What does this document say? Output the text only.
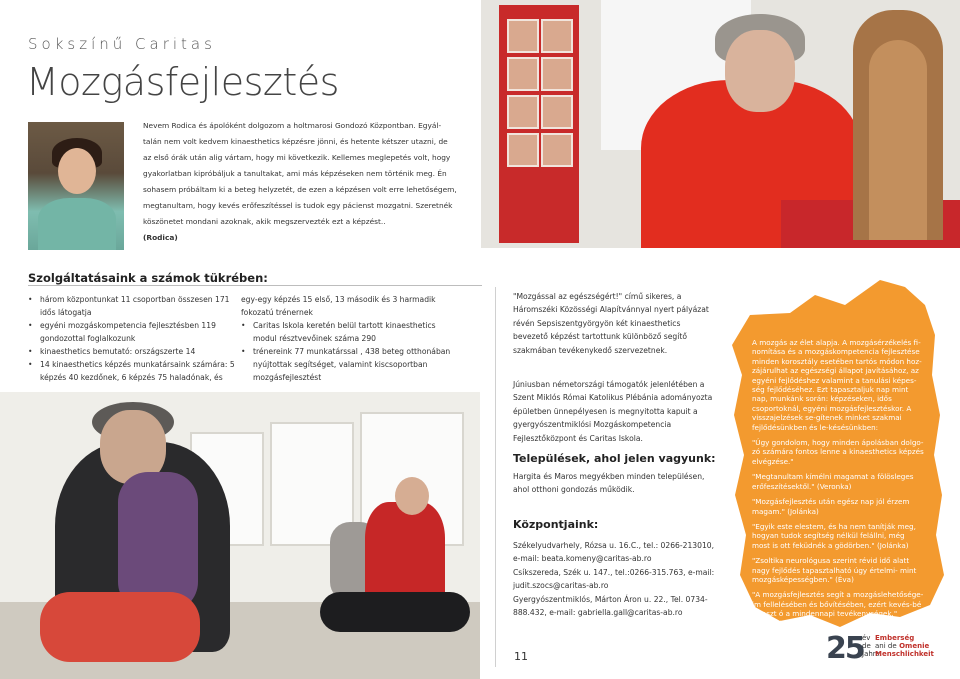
Sokszínű Caritas
Mozgásfejlesztés
Nevem Rodica és ápolóként dolgozom a holtmarosi Gondozó Központban. Egyál-
talán nem volt kedvem kinaesthetics képzésre jönni, és hetente kétszer utazni, de
az első órák után alig vártam, hogy mi következik. Kellemes meglepetés volt, hogy
gyakorlatban kipróbáljuk a tanultakat, ami más képzéseken nem történik meg. Én
sohasem próbáltam ki a beteg helyzetét, de ezen a képzésen volt erre lehetőségem,
megtanultam, hogy kevés erőfeszítéssel is tudok egy pácienst mozgatni. Szeretnék
köszönetet mondani azoknak, akik megszervezték ezt a képzést..
(Rodica)
Szolgáltatásaink a számok tükrében:
• három központunkat 11 csoportban összesen 171 idős látogatja
• egyéni mozgáskompetencia fejlesztésben 119 gondozottal foglalkozunk
• kinaesthetics bemutató: országszerte 14
• 14 kinaesthetics képzés munkatársaink számára: 5 képzés 40 kezdőnek, 6 képzés 75 haladónak, és
egy-egy képzés 15 első, 13 második és 3 harmadik fokozatú trénernek
• Caritas Iskola keretén belül tartott kinaesthetics modul résztvevőinek száma 290
• trénereink 77 munkatárssal , 438 beteg otthonában nyújtottak segítséget, valamint kiscsoportban mozgásfejlesztést
"Mozgással az egészségért!" című sikeres, a Háromszéki Közösségi Alapítvánnyal nyert pályázat révén Sepsiszentgyörgyön két kinaesthetics bevezető képzést tartottunk különböző segítő szakmában tevékenykedő szervezetnek.
Júniusban németországi támogatók jelenlétében a Szent Miklós Római Katolikus Plébánia adományozta épületben ünnepélyesen is megnyitotta kapuit a gyergyószentmiklósi Mozgáskompetencia Fejlesztőközpont és Caritas Iskola.
Települések, ahol jelen vagyunk:
Hargita és Maros megyékben minden településen, ahol otthoni gondozás működik.
Központjaink:
Székelyudvarhely, Rózsa u. 16.C., tel.: 0266-213010,
e-mail: beata.komeny@caritas-ab.ro
Csíkszereda, Szék u. 147., tel.:0266-315.763, e-mail:
judit.szocs@caritas-ab.ro
Gyergyószentmiklós, Márton Áron u. 22., Tel. 0734-
888.432, e-mail: gabriella.gall@caritas-ab.ro
11

A mozgás az élet alapja. A mozgásérzékelés fi-nomítása és a mozgáskompetencia fejlesztése minden korosztály esetében tartós módon hoz-zájárulhat az egészségi állapot javításához, az egyéni fejlődéshez valamint a tanulási képes-ség fejlődéséhez. Ezt tapasztaljuk nap mint nap, munkánk során: képzéseken, idős csoportoknál, egyéni mozgásfejlesztéskor. A visszajelzések se-gítenek minket szakmai fejlődésünkben és le-késésünkben:

"Úgy gondolom, hogy minden ápolásban dolgo-zó számára fontos lenne a kinaesthetics képzés elvégzése."

"Megtanultam kímélni magamat a fölösleges erőfeszítésektől." (Veronka)

"Mozgásfejlesztés után egész nap jól érzem magam." (Jolánka)

"Egyik este elestem, és ha nem tanítják meg, hogyan tudok segítség nélkül felállni, még most is ott feküdnék a gödörben." (Jolánka)

"Zsoltika neurológusa szerint révid idő alatt nagy fejlődés tapasztalható úgy értelmi- mint mozgásképességben." (Éva)

"A mozgásfejlesztés segít a mozgáslehetősége-im fellelésében és bővítésében, ezért kevés-bé fáraszt ó a mindennapi tevékenységek." (Gabika)

25
év
de
Jahre
Emberség
ani de Omenie
Menschlichkeit
